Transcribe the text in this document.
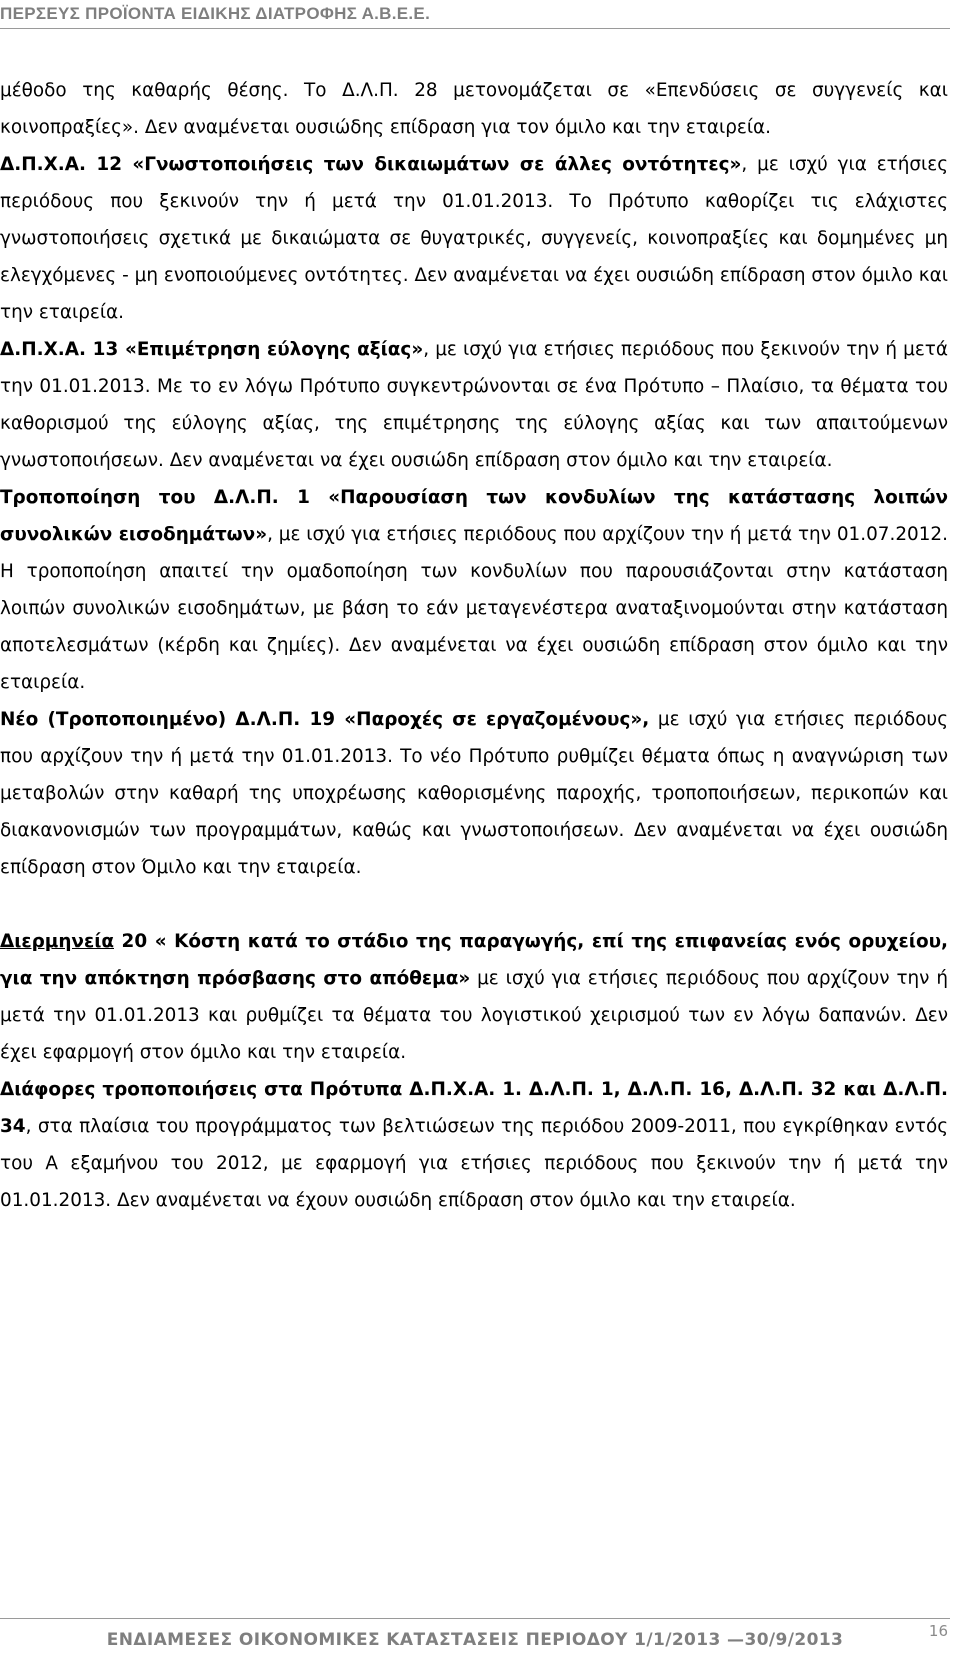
ΠΕΡΣΕΥΣ ΠΡΟΪΟΝΤΑ ΕΙΔΙΚΗΣ ΔΙΑΤΡΟΦΗΣ Α.Β.Ε.Ε.

μέθοδο της καθαρής θέσης. Το Δ.Λ.Π. 28 μετονομάζεται σε «Επενδύσεις σε συγγενείς και κοινοπραξίες». Δεν αναμένεται ουσιώδης επίδραση για τον όμιλο και την εταιρεία.

Δ.Π.Χ.Α. 12 «Γνωστοποιήσεις των δικαιωμάτων σε άλλες οντότητες», με ισχύ για ετήσιες περιόδους που ξεκινούν την ή μετά την 01.01.2013. Το Πρότυπο καθορίζει τις ελάχιστες γνωστοποιήσεις σχετικά με δικαιώματα σε θυγατρικές, συγγενείς, κοινοπραξίες και δομημένες μη ελεγχόμενες - μη ενοποιούμενες οντότητες. Δεν αναμένεται να έχει ουσιώδη επίδραση στον όμιλο και την εταιρεία.

Δ.Π.Χ.Α. 13 «Επιμέτρηση εύλογης αξίας», με ισχύ για ετήσιες περιόδους που ξεκινούν την ή μετά την 01.01.2013. Με το εν λόγω Πρότυπο συγκεντρώνονται σε ένα Πρότυπο – Πλαίσιο, τα θέματα του καθορισμού της εύλογης αξίας, της επιμέτρησης της εύλογης αξίας και των απαιτούμενων γνωστοποιήσεων. Δεν αναμένεται να έχει ουσιώδη επίδραση στον όμιλο και την εταιρεία.

Τροποποίηση του Δ.Λ.Π. 1 «Παρουσίαση των κονδυλίων της κατάστασης λοιπών συνολικών εισοδημάτων», με ισχύ για ετήσιες περιόδους που αρχίζουν την ή μετά την 01.07.2012. Η τροποποίηση απαιτεί την ομαδοποίηση των κονδυλίων που παρουσιάζονται στην κατάσταση λοιπών συνολικών εισοδημάτων, με βάση το εάν μεταγενέστερα αναταξινομούνται στην κατάσταση αποτελεσμάτων (κέρδη και ζημίες). Δεν αναμένεται να έχει ουσιώδη επίδραση στον όμιλο και την εταιρεία.

Νέο (Τροποποιημένο) Δ.Λ.Π. 19 «Παροχές σε εργαζομένους», με ισχύ για ετήσιες περιόδους που αρχίζουν την ή μετά την 01.01.2013. Το νέο Πρότυπο ρυθμίζει θέματα όπως η αναγνώριση των μεταβολών στην καθαρή της υποχρέωσης καθορισμένης παροχής, τροποποιήσεων, περικοπών και διακανονισμών των προγραμμάτων, καθώς και γνωστοποιήσεων. Δεν αναμένεται να έχει ουσιώδη επίδραση στον Όμιλο και την εταιρεία.

Διερμηνεία 20 « Κόστη κατά το στάδιο της παραγωγής, επί της επιφανείας ενός ορυχείου, για την απόκτηση πρόσβασης στο απόθεμα» με ισχύ για ετήσιες περιόδους που αρχίζουν την ή μετά την 01.01.2013 και ρυθμίζει τα θέματα του λογιστικού χειρισμού των εν λόγω δαπανών. Δεν έχει εφαρμογή στον όμιλο και την εταιρεία.

Διάφορες τροποποιήσεις στα Πρότυπα Δ.Π.Χ.Α. 1. Δ.Λ.Π. 1, Δ.Λ.Π. 16, Δ.Λ.Π. 32 και Δ.Λ.Π. 34, στα πλαίσια του προγράμματος των βελτιώσεων της περιόδου 2009-2011, που εγκρίθηκαν εντός του Α εξαμήνου του 2012, με εφαρμογή για ετήσιες περιόδους που ξεκινούν την ή μετά την 01.01.2013. Δεν αναμένεται να έχουν ουσιώδη επίδραση στον όμιλο και την εταιρεία.

ΕΝΔΙΑΜΕΣΕΣ ΟΙΚΟΝΟΜΙΚΕΣ ΚΑΤΑΣΤΑΣΕΙΣ ΠΕΡΙΟΔΟΥ 1/1/2013 —30/9/2013	16
